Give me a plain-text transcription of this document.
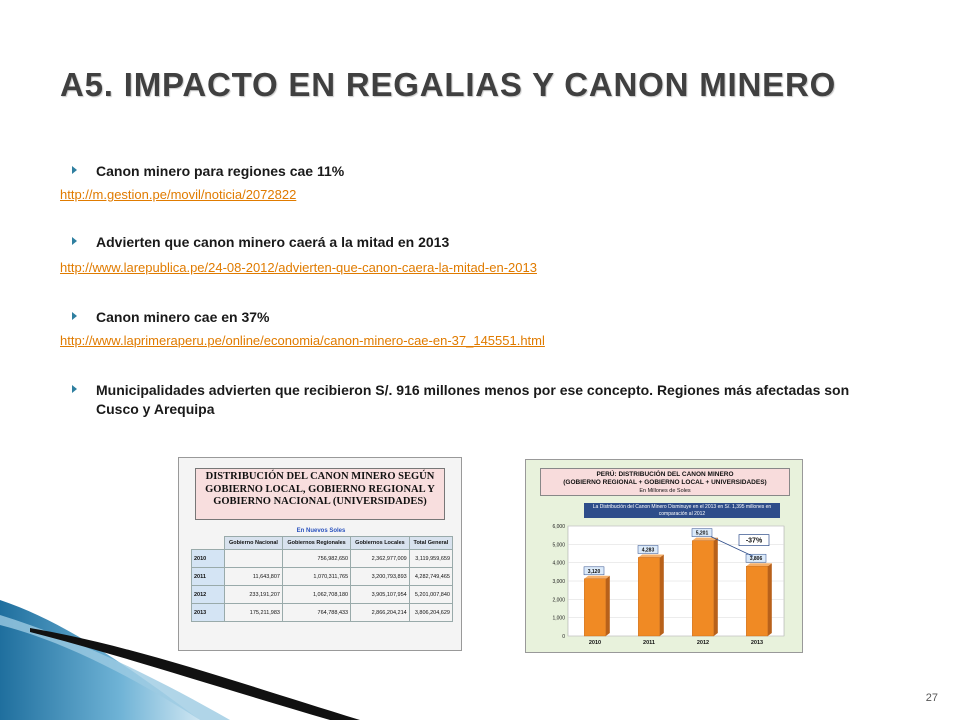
A5. IMPACTO EN REGALIAS Y CANON MINERO
Canon minero para regiones cae 11%
http://m.gestion.pe/movil/noticia/2072822
Advierten que canon minero caerá a la mitad en 2013
http://www.larepublica.pe/24-08-2012/advierten-que-canon-caera-la-mitad-en-2013
Canon minero cae en 37%
http://www.laprimeraperu.pe/online/economia/canon-minero-cae-en-37_145551.html
Municipalidades advierten que recibieron S/. 916 millones menos por ese concepto. Regiones más afectadas son Cusco y Arequipa
DISTRIBUCIÓN DEL CANON MINERO SEGÚN GOBIERNO LOCAL, GOBIERNO REGIONAL Y GOBIERNO NACIONAL (UNIVERSIDADES)
En Nuevos Soles
	Gobierno Nacional	Gobiernos Regionales	Gobiernos Locales	Total General
2010		756,982,650	2,362,977,009	3,119,959,659
2011	11,643,807	1,070,311,765	3,200,793,893	4,282,749,465
2012	233,191,207	1,062,708,180	3,905,107,954	5,201,007,840
2013	175,211,983	764,788,433	2,866,204,214	3,806,204,629
PERÚ: DISTRIBUCIÓN DEL CANON MINERO
(GOBIERNO REGIONAL + GOBIERNO LOCAL + UNIVERSIDADES)
En Millones de Soles
La Distribución del Canon Minero Disminuye en el 2013 en S/. 1,395 millones en comparación al 2012
0
1,000
2,000
3,000
4,000
5,000
6,000
3,120
2010
4,283
2011
5,201
2012
3,806
2013
-37%
27
